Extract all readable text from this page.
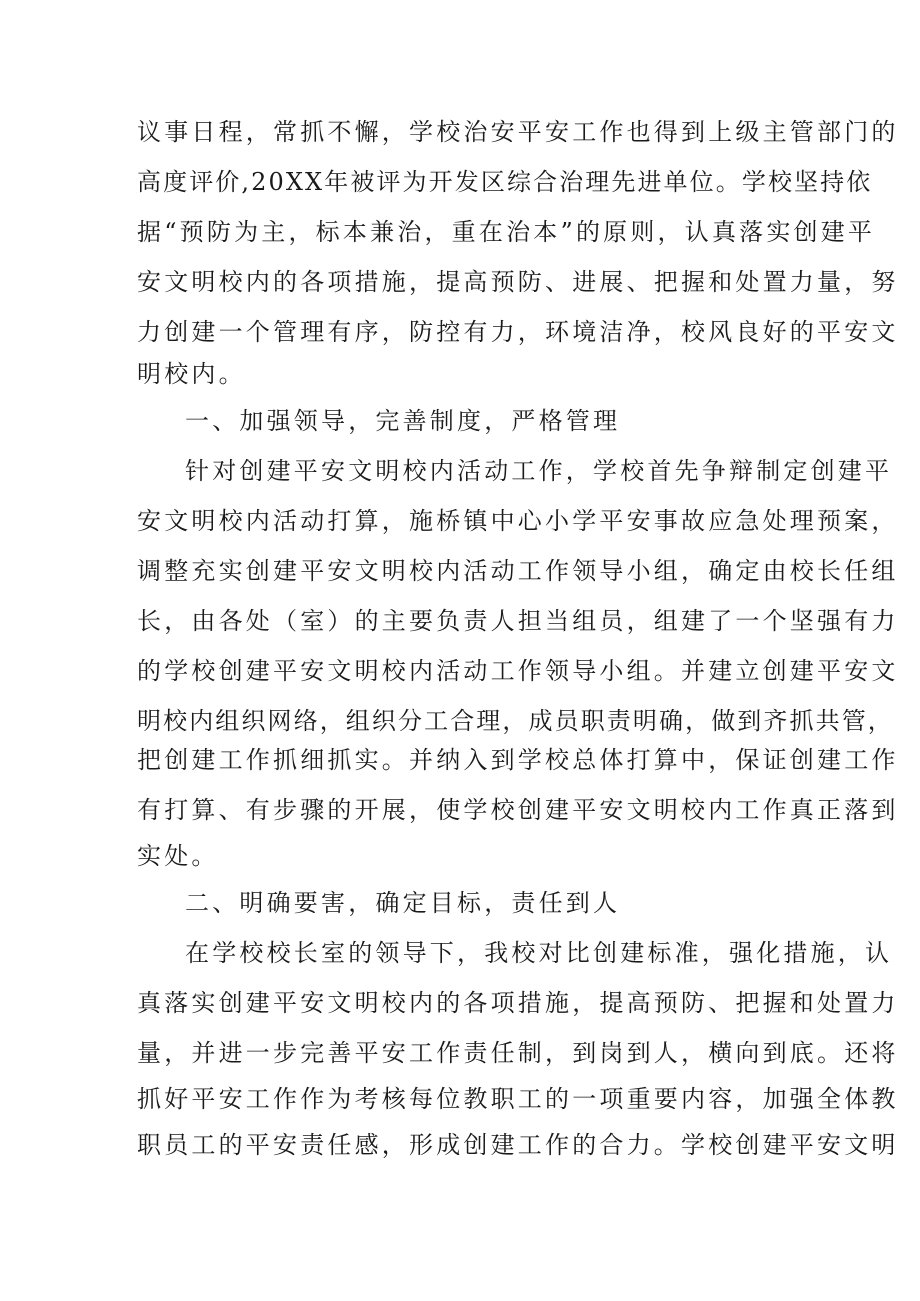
议事日程，常抓不懈，学校治安平安工作也得到上级主管部门的
高度评价,20XX年被评为开发区综合治理先进单位。学校坚持依
据“预防为主，标本兼治，重在治本”的原则，认真落实创建平
安文明校内的各项措施，提高预防、进展、把握和处置力量，努
力创建一个管理有序，防控有力，环境洁净，校风良好的平安文
明校内。
一、加强领导，完善制度，严格管理
针对创建平安文明校内活动工作，学校首先争辩制定创建平
安文明校内活动打算，施桥镇中心小学平安事故应急处理预案，
调整充实创建平安文明校内活动工作领导小组，确定由校长任组
长，由各处（室）的主要负责人担当组员，组建了一个坚强有力
的学校创建平安文明校内活动工作领导小组。并建立创建平安文
明校内组织网络，组织分工合理，成员职责明确，做到齐抓共管，
把创建工作抓细抓实。并纳入到学校总体打算中，保证创建工作
有打算、有步骤的开展，使学校创建平安文明校内工作真正落到
实处。
二、明确要害，确定目标，责任到人
在学校校长室的领导下，我校对比创建标准，强化措施，认
真落实创建平安文明校内的各项措施，提高预防、把握和处置力
量，并进一步完善平安工作责任制，到岗到人，横向到底。还将
抓好平安工作作为考核每位教职工的一项重要内容，加强全体教
职员工的平安责任感，形成创建工作的合力。学校创建平安文明
